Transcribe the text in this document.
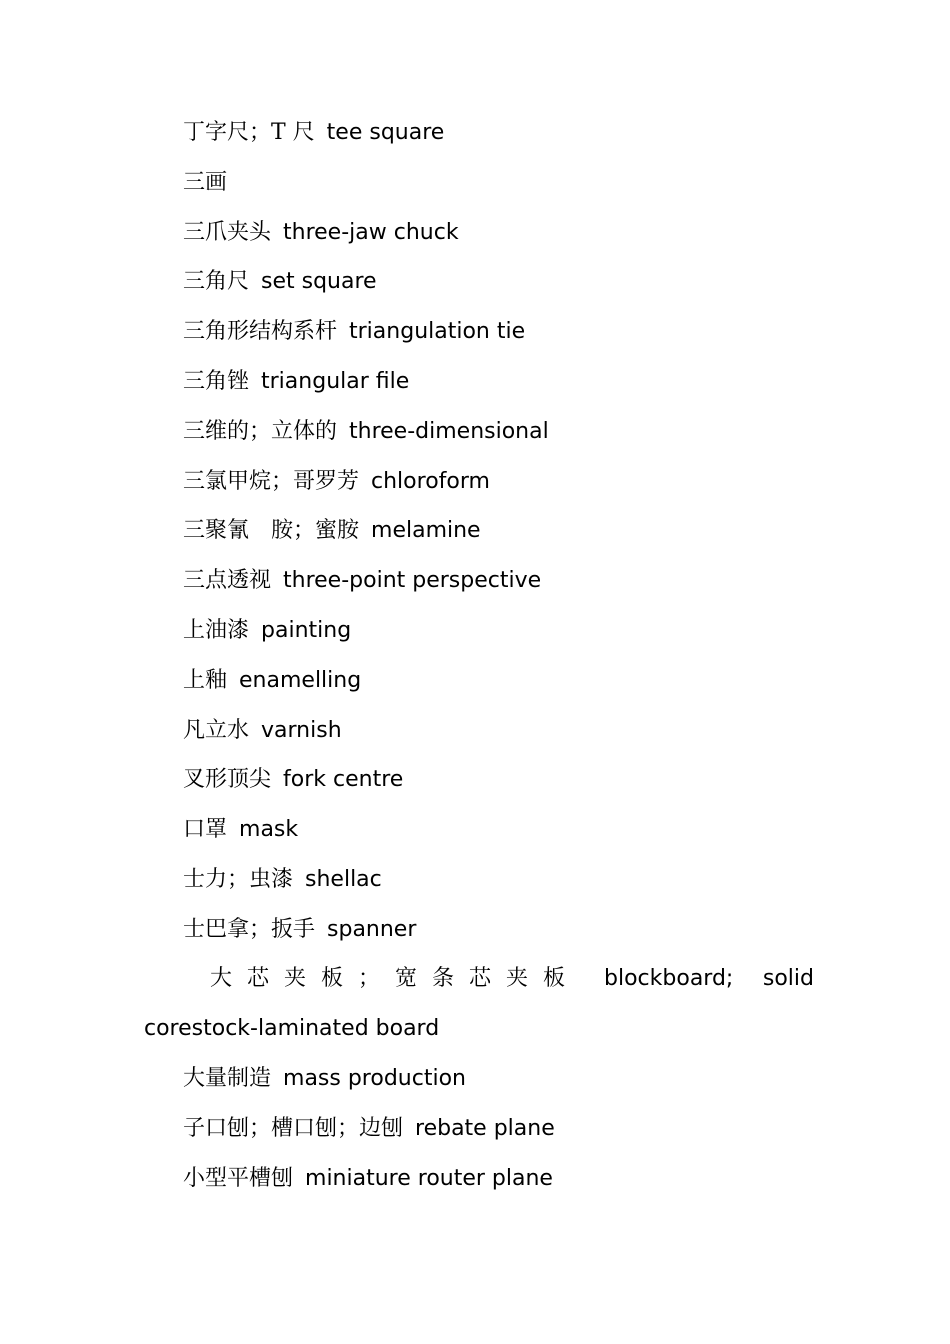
丁字尺；T 尺 tee square
三画
三爪夹头 three-jaw chuck
三角尺 set square
三角形结构系杆 triangulation tie
三角锉 triangular file
三维的；立体的 three-dimensional
三氯甲烷；哥罗芳 chloroform
三聚氰　胺；蜜胺 melamine
三点透视 three-point perspective
上油漆 painting
上釉 enamelling
凡立水 varnish
叉形顶尖 fork centre
口罩 mask
士力；虫漆 shellac
士巴拿；扳手 spanner
大芯夹板；宽条芯夹板 blockboard; solid
corestock-laminated board
大量制造 mass production
子口刨；槽口刨；边刨 rebate plane
小型平槽刨 miniature router plane
